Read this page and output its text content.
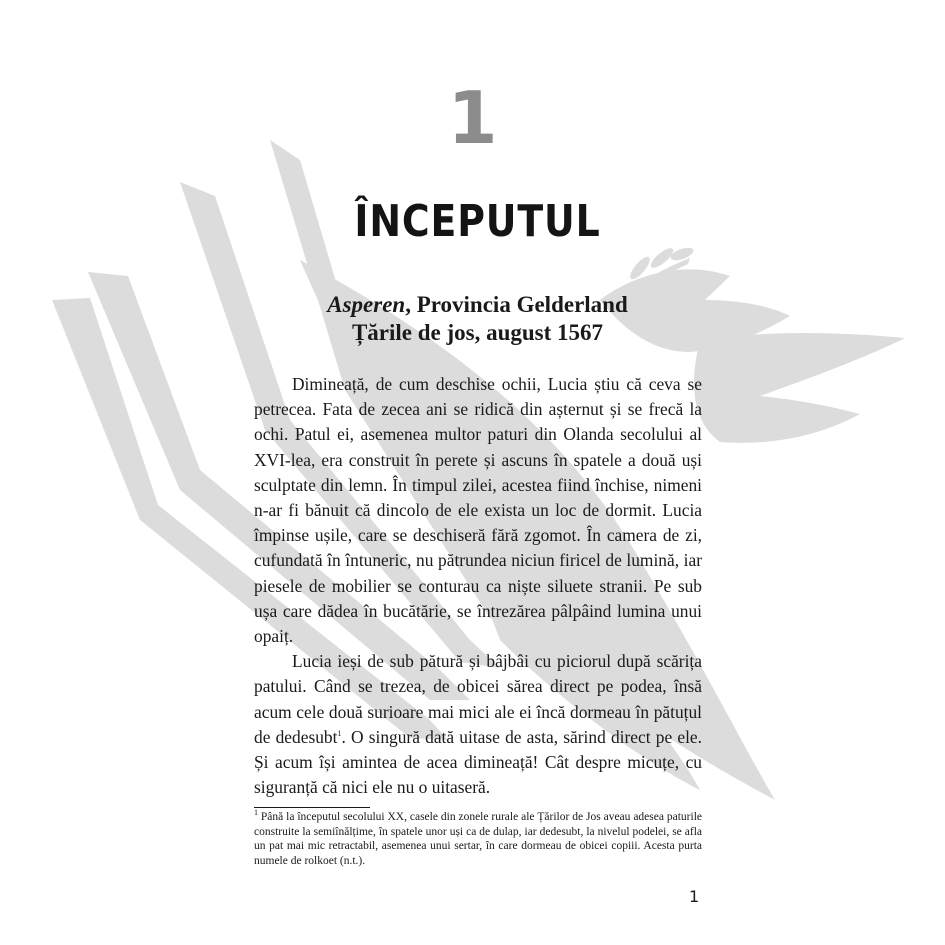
1
ÎNCEPUTUL
Asperen, Provincia Gelderland
Țările de jos, august 1567

Dimineață, de cum deschise ochii, Lucia știu că ceva se petrecea. Fata de zecea ani se ridică din așternut și se frecă la ochi. Patul ei, asemenea multor paturi din Olanda secolului al XVI-lea, era construit în perete și ascuns în spatele a două uși sculptate din lemn. În timpul zilei, acestea fiind închise, nimeni n-ar fi bănuit că dincolo de ele exista un loc de dormit. Lucia împinse ușile, care se deschiseră fără zgomot. În camera de zi, cufundată în întuneric, nu pătrundea niciun firicel de lumină, iar piesele de mobilier se conturau ca niște siluete stranii. Pe sub ușa care dădea în bucătărie, se întrezărea pâlpâind lumina unui opaiț.

Lucia ieși de sub pătură și bâjbâi cu piciorul după scărița patului. Când se trezea, de obicei sărea direct pe podea, însă acum cele două surioare mai mici ale ei încă dormeau în pătuțul de dedesubt$^1$. O singură dată uitase de asta, sărind direct pe ele. Și acum își amintea de acea dimineață! Cât despre micuțe, cu siguranță că nici ele nu o uitaseră.

$^1$ Până la începutul secolului XX, casele din zonele rurale ale Țărilor de Jos aveau adesea paturile construite la semiînălțime, în spatele unor uși ca de dulap, iar dedesubt, la nivelul podelei, se afla un pat mai mic retractabil, asemenea unui sertar, în care dormeau de obicei copiii. Acesta purta numele de rolkoet (n.t.).
1
